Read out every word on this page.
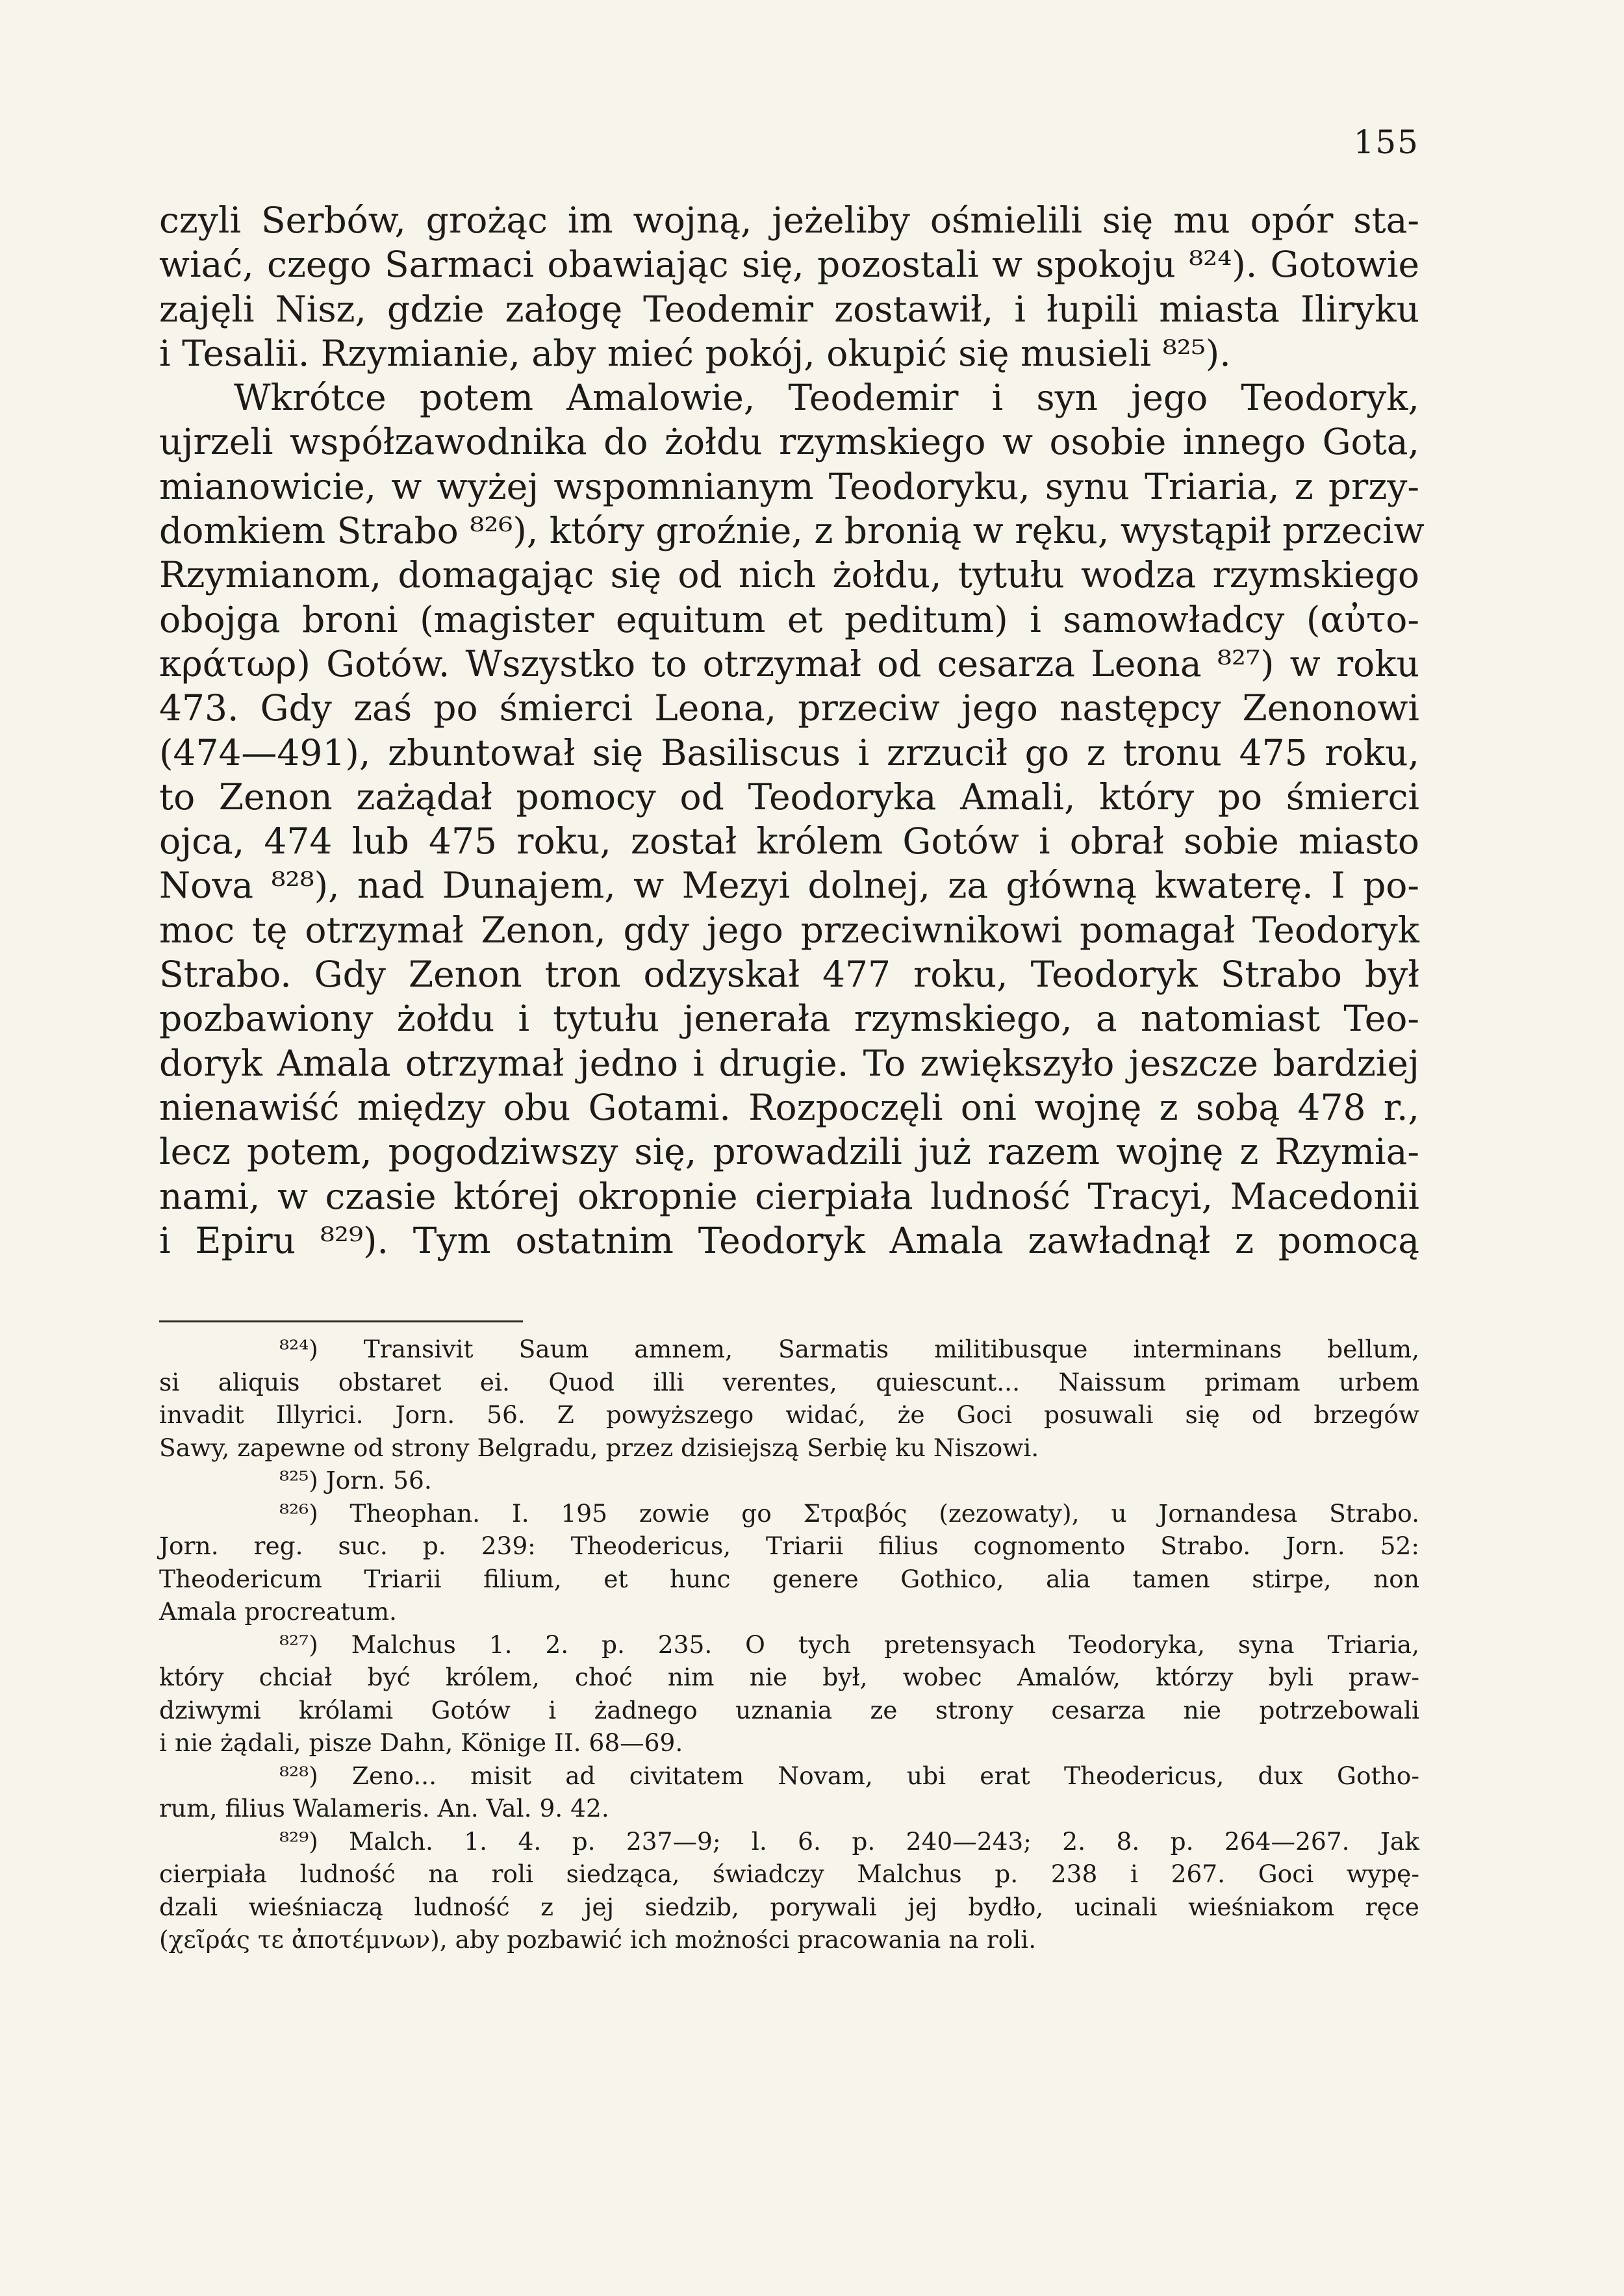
155
czyli Serbów, grożąc im wojną, jeżeliby ośmielili się mu opór sta-
wiać, czego Sarmaci obawiając się, pozostali w spokoju ⁸²⁴). Gotowie
zajęli Nisz, gdzie załogę Teodemir zostawił, i łupili miasta Iliryku
i Tesalii. Rzymianie, aby mieć pokój, okupić się musieli ⁸²⁵).
Wkrótce potem Amalowie, Teodemir i syn jego Teodoryk,
ujrzeli współzawodnika do żołdu rzymskiego w osobie innego Gota,
mianowicie, w wyżej wspomnianym Teodoryku, synu Triaria, z przy-
domkiem Strabo ⁸²⁶), który groźnie, z bronią w ręku, wystąpił przeciw
Rzymianom, domagając się od nich żołdu, tytułu wodza rzymskiego
obojga broni (magister equitum et peditum) i samowładcy (αὐτο-
κράτωρ) Gotów. Wszystko to otrzymał od cesarza Leona ⁸²⁷) w roku
473. Gdy zaś po śmierci Leona, przeciw jego następcy Zenonowi
(474—491), zbuntował się Basiliscus i zrzucił go z tronu 475 roku,
to Zenon zażądał pomocy od Teodoryka Amali, który po śmierci
ojca, 474 lub 475 roku, został królem Gotów i obrał sobie miasto
Nova ⁸²⁸), nad Dunajem, w Mezyi dolnej, za główną kwaterę. I po-
moc tę otrzymał Zenon, gdy jego przeciwnikowi pomagał Teodoryk
Strabo. Gdy Zenon tron odzyskał 477 roku, Teodoryk Strabo był
pozbawiony żołdu i tytułu jenerała rzymskiego, a natomiast Teo-
doryk Amala otrzymał jedno i drugie. To zwiększyło jeszcze bardziej
nienawiść między obu Gotami. Rozpoczęli oni wojnę z sobą 478 r.,
lecz potem, pogodziwszy się, prowadzili już razem wojnę z Rzymia-
nami, w czasie której okropnie cierpiała ludność Tracyi, Macedonii
i Epiru ⁸²⁹). Tym ostatnim Teodoryk Amala zawładnął z pomocą
⁸²⁴) Transivit Saum amnem, Sarmatis militibusque interminans bellum,
si aliquis obstaret ei. Quod illi verentes, quiescunt... Naissum primam urbem
invadit Illyrici. Jorn. 56. Z powyższego widać, że Goci posuwali się od brzegów
Sawy, zapewne od strony Belgradu, przez dzisiejszą Serbię ku Niszowi.
⁸²⁵) Jorn. 56.
⁸²⁶) Theophan. I. 195 zowie go Στραβός (zezowaty), u Jornandesa Strabo.
Jorn. reg. suc. p. 239: Theodericus, Triarii filius cognomento Strabo. Jorn. 52:
Theodericum Triarii filium, et hunc genere Gothico, alia tamen stirpe, non
Amala procreatum.
⁸²⁷) Malchus 1. 2. p. 235. O tych pretensyach Teodoryka, syna Triaria,
który chciał być królem, choć nim nie był, wobec Amalów, którzy byli praw-
dziwymi królami Gotów i żadnego uznania ze strony cesarza nie potrzebowali
i nie żądali, pisze Dahn, Könige II. 68—69.
⁸²⁸) Zeno... misit ad civitatem Novam, ubi erat Theodericus, dux Gotho-
rum, filius Walameris. An. Val. 9. 42.
⁸²⁹) Malch. 1. 4. p. 237—9; l. 6. p. 240—243; 2. 8. p. 264—267. Jak
cierpiała ludność na roli siedząca, świadczy Malchus p. 238 i 267. Goci wypę-
dzali wieśniaczą ludność z jej siedzib, porywali jej bydło, ucinali wieśniakom ręce
(χεῖράς τε ἀποτέμνων), aby pozbawić ich możności pracowania na roli.
